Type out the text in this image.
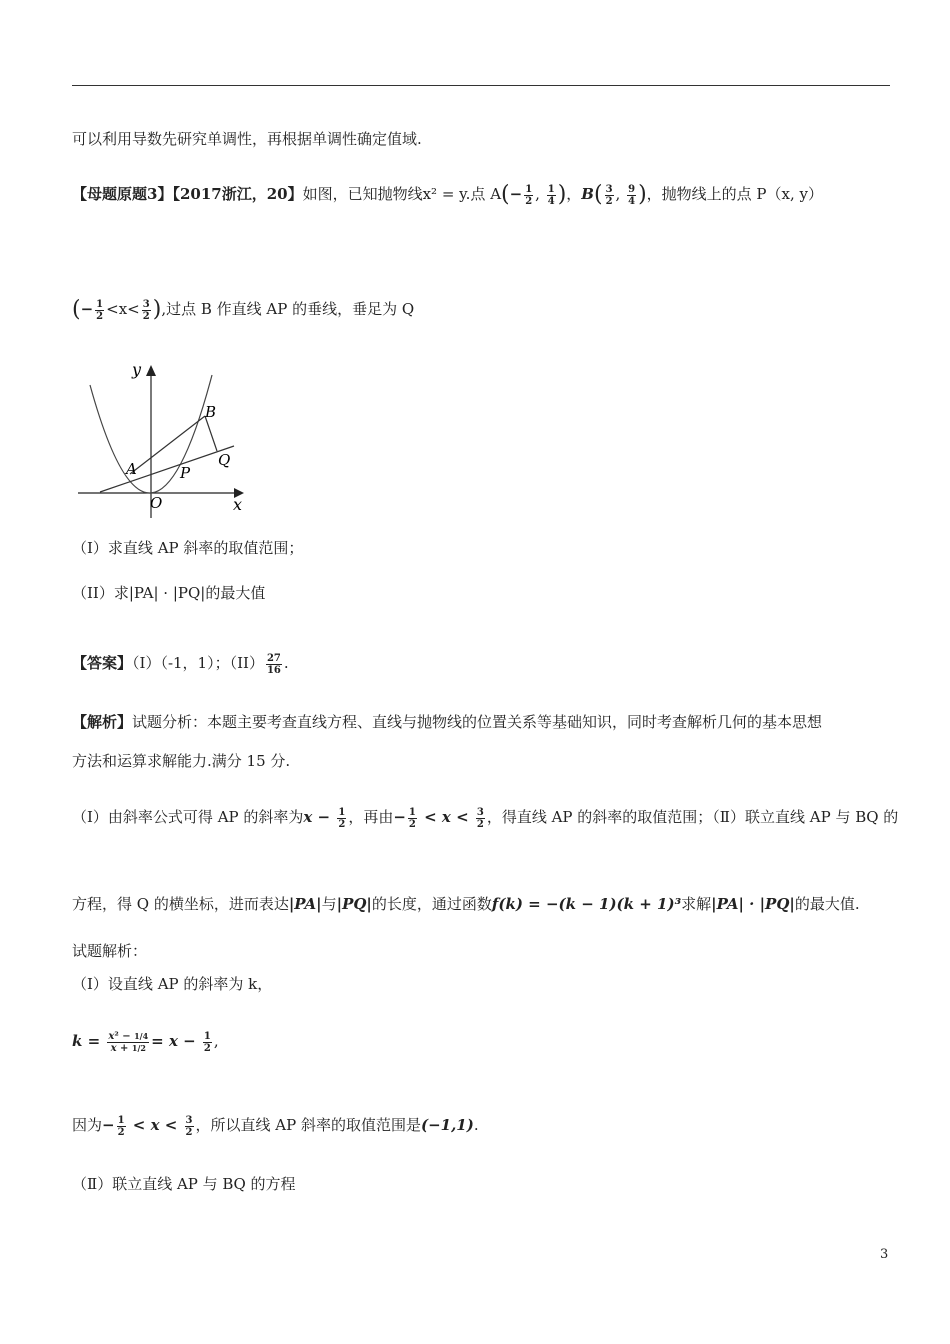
可以利用导数先研究单调性，再根据单调性确定值域.
【母题原题3】【2017浙江，20】如图，已知抛物线x² = y.点 $A(- \frac{1}{2}$ , $\frac{1}{4}$ )，$B( \frac{3}{2}$ , $\frac{9}{4}$ )，抛物线上的点 P（x, y）
(− $\frac{1}{2} <x< \frac{3}{2}$ ),过点 B 作直线 AP 的垂线，垂足为 Q
y
x
B
Q
P
A
O
（I）求直线 AP 斜率的取值范围；
（II）求|PA| · |PQ|的最大值
【答案】（I）（-1，1）；$(II) \frac{27}{16}$ .
【解析】试题分析：本题主要考查直线方程、直线与抛物线的位置关系等基础知识，同时考查解析几何的基本思想
方法和运算求解能力.满分 15 分.
（Ⅰ）由斜率公式可得 AP 的斜率为$x - \frac{1}{2}$ ，再由− $\frac{1}{2} < x < \frac{3}{2}$ ，得直线 AP 的斜率的取值范围；（Ⅱ）联立直线 AP 与 BQ 的
方程，得 Q 的横坐标，进而表达|PA|与|PQ|的长度，通过函数f(k) = −(k − 1)(k + 1)³求解|PA| · |PQ|的最大值.
试题解析：
（Ⅰ）设直线 AP 的斜率为 k，
$k = \frac{\text{x² − 1/4}}{x + 1/2} = x - \frac{1}{2}$ ,
因为− $\frac{1}{2} < x < \frac{3}{2}$ ，所以直线 AP 斜率的取值范围是(−1,1).
（Ⅱ）联立直线 AP 与 BQ 的方程
3
